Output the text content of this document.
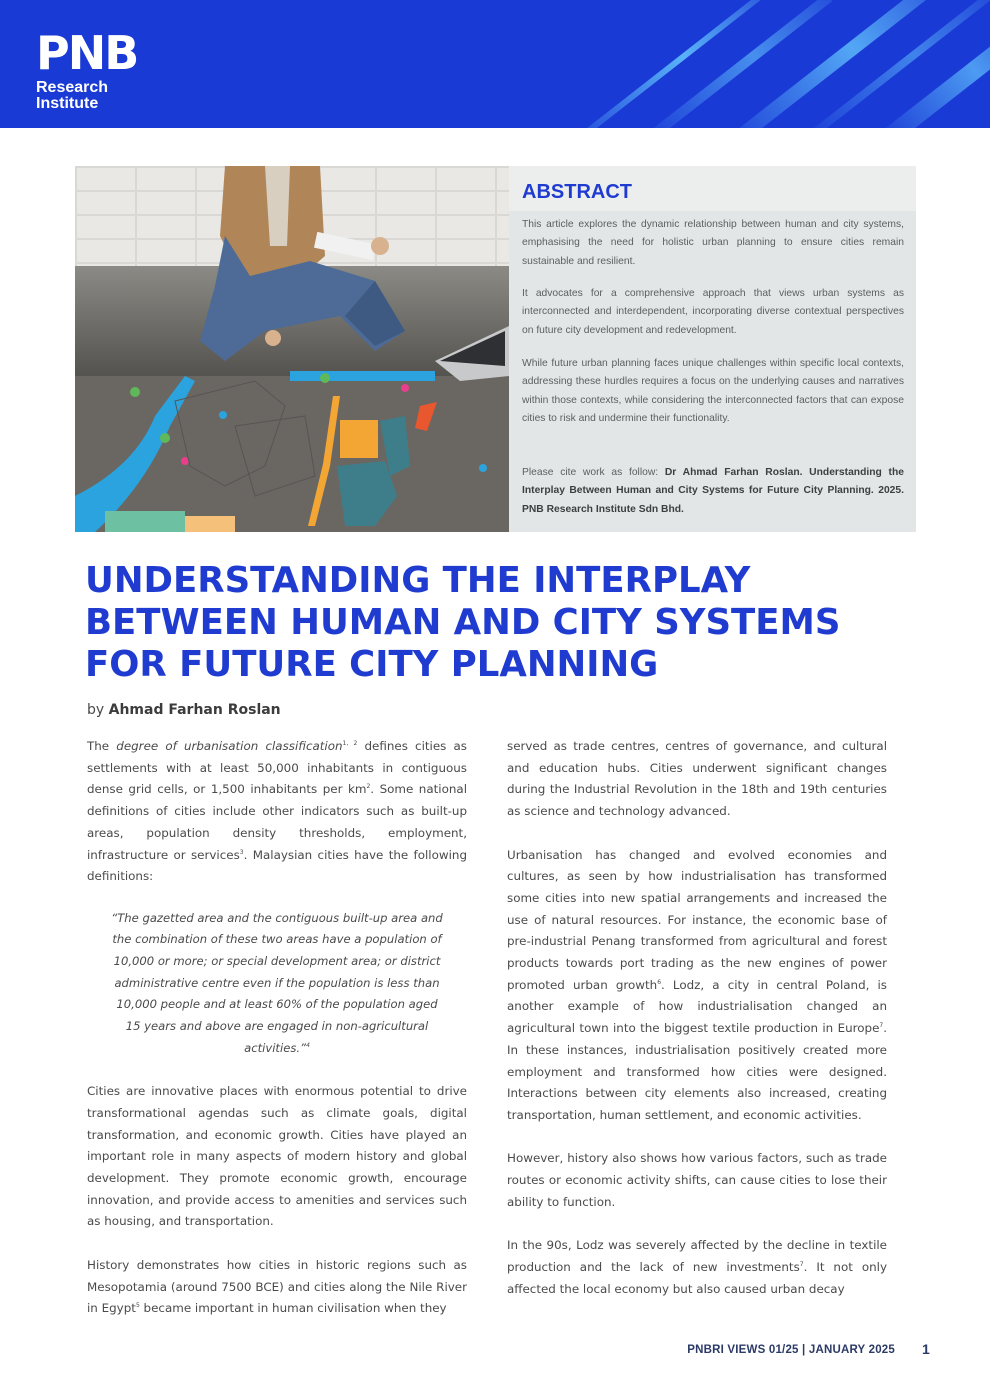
PNB
Research
Institute
ABSTRACT
This article explores the dynamic relationship between human and city systems, emphasising the need for holistic urban planning to ensure cities remain sustainable and resilient.
It advocates for a comprehensive approach that views urban systems as interconnected and interdependent, incorporating diverse contextual perspectives on future city development and redevelopment.
While future urban planning faces unique challenges within specific local contexts, addressing these hurdles requires a focus on the underlying causes and narratives within those contexts, while considering the interconnected factors that can expose cities to risk and undermine their functionality.
Please cite work as follow: Dr Ahmad Farhan Roslan. Understanding the Interplay Between Human and City Systems for Future City Planning. 2025. PNB Research Institute Sdn Bhd.
UNDERSTANDING THE INTERPLAY BETWEEN HUMAN AND CITY SYSTEMS FOR FUTURE CITY PLANNING
by Ahmad Farhan Roslan

The degree of urbanisation classification$^{1, 2}$ defines cities as settlements with at least 50,000 inhabitants in contiguous dense grid cells, or 1,500 inhabitants per $km^2$. Some national definitions of cities include other indicators such as built-up areas, population density thresholds, employment, infrastructure or services$^3$. Malaysian cities have the following definitions:

“The gazetted area and the contiguous built-up area and the combination of these two areas have a population of 10,000 or more; or special development area; or district administrative centre even if the population is less than 10,000 people and at least 60% of the population aged 15 years and above are engaged in non-agricultural activities.”$^4$

Cities are innovative places with enormous potential to drive transformational agendas such as climate goals, digital transformation, and economic growth. Cities have played an important role in many aspects of modern history and global development. They promote economic growth, encourage innovation, and provide access to amenities and services such as housing, and transportation.

History demonstrates how cities in historic regions such as Mesopotamia (around 7500 BCE) and cities along the Nile River in Egypt$^5$ became important in human civilisation when they

served as trade centres, centres of governance, and cultural and education hubs. Cities underwent significant changes during the Industrial Revolution in the 18th and 19th centuries as science and technology advanced.

Urbanisation has changed and evolved economies and cultures, as seen by how industrialisation has transformed some cities into new spatial arrangements and increased the use of natural resources. For instance, the economic base of pre-industrial Penang transformed from agricultural and forest products towards port trading as the new engines of power promoted urban growth$^6$. Lodz, a city in central Poland, is another example of how industrialisation changed an agricultural town into the biggest textile production in Europe$^7$. In these instances, industrialisation positively created more employment and transformed how cities were designed. Interactions between city elements also increased, creating transportation, human settlement, and economic activities.

However, history also shows how various factors, such as trade routes or economic activity shifts, can cause cities to lose their ability to function.

In the 90s, Lodz was severely affected by the decline in textile production and the lack of new investments$^7$. It not only affected the local economy but also caused urban decay

PNBRI VIEWS 01/25 | JANUARY 2025 1
